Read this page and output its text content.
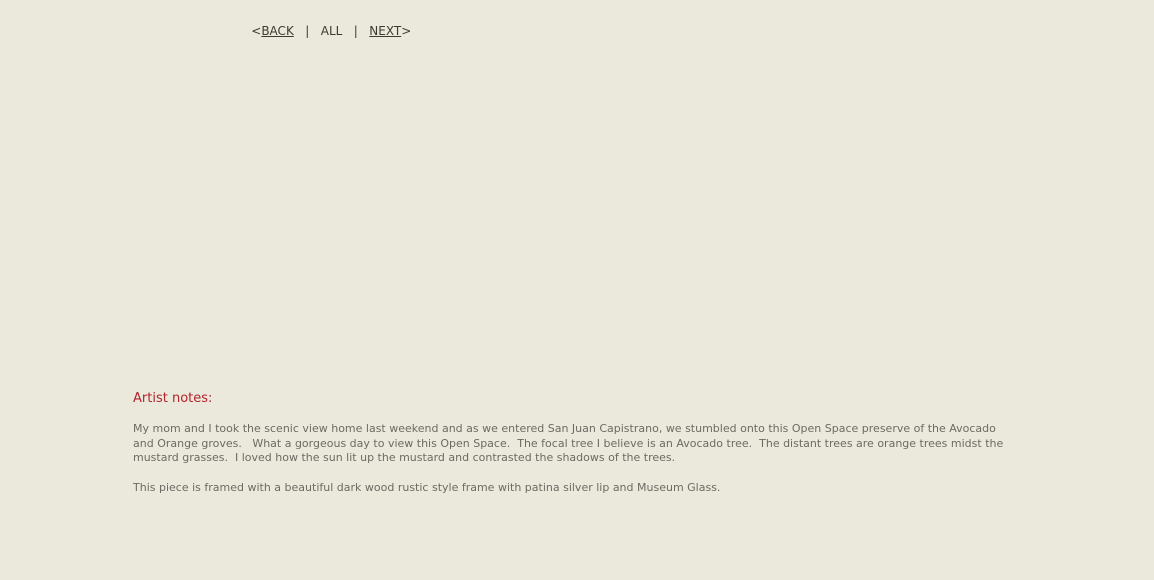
<BACK   |   ALL   |   NEXT>

Artist notes:

My mom and I took the scenic view home last weekend and as we entered San Juan Capistrano, we stumbled onto this Open Space preserve of the Avocado and Orange groves.   What a gorgeous day to view this Open Space.  The focal tree I believe is an Avocado tree.  The distant trees are orange trees midst the mustard grasses.  I loved how the sun lit up the mustard and contrasted the shadows of the trees.

This piece is framed with a beautiful dark wood rustic style frame with patina silver lip and Museum Glass.
